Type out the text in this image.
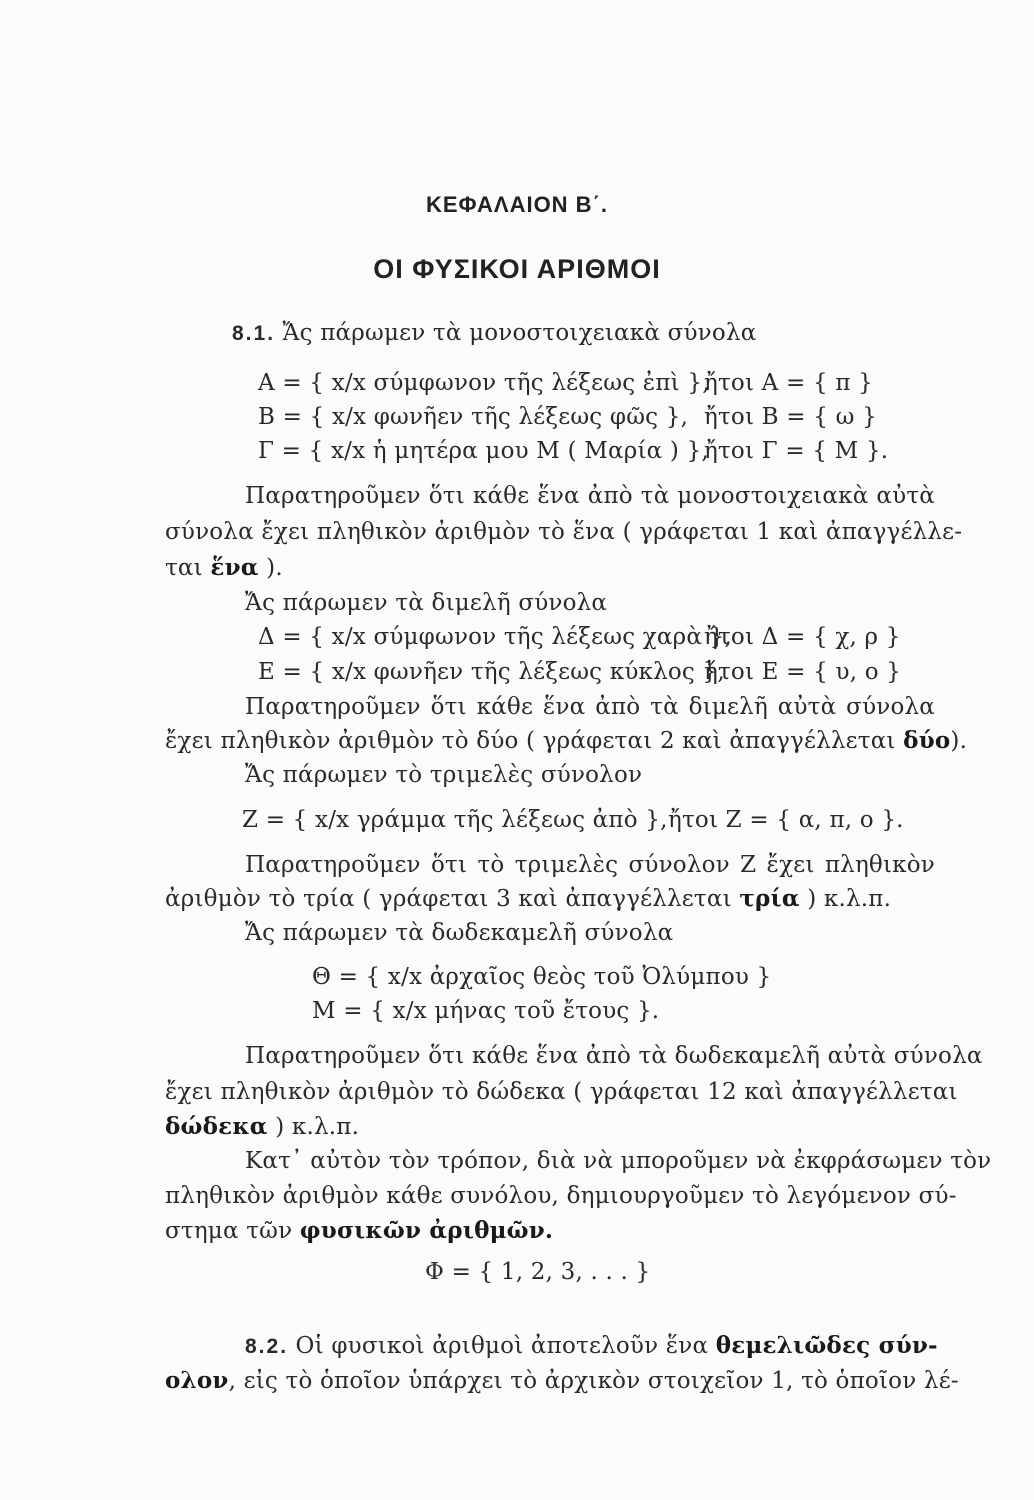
ΚΕΦΑΛΑΙΟΝ Β΄.
ΟΙ ΦΥΣΙΚΟΙ ΑΡΙΘΜΟΙ
8.1. Ἄς πάρωμεν τὰ μονοστοιχειακὰ σύνολα
Α = { x/x σύμφωνον τῆς λέξεως ἐπὶ },
ἤτοι Α = { π }
Β = { x/x φωνῆεν τῆς λέξεως φῶς }, ἤτοι Β = { ω }
Γ = { x/x ἡ μητέρα μου Μ ( Μαρία ) },
ἤτοι Γ = { Μ }.
Παρατηροῦμεν ὅτι κάθε ἕνα ἀπὸ τὰ μονοστοιχειακὰ αὐτὰ
σύνολα ἔχει πληθικὸν ἀριθμὸν τὸ ἕνα ( γράφεται 1 καὶ ἀπαγγέλλε-
ται ἕνα ).
Ἄς πάρωμεν τὰ διμελῆ σύνολα
Δ = { x/x σύμφωνον τῆς λέξεως χαρὰ },
ἤτοι Δ = { χ, ρ }
Ε = { x/x φωνῆεν τῆς λέξεως κύκλος },
ἤτοι Ε = { υ, ο }
Παρατηροῦμεν ὅτι κάθε ἕνα ἀπὸ τὰ διμελῆ αὐτὰ σύνολα
ἔχει πληθικὸν ἀριθμὸν τὸ δύο ( γράφεται 2 καὶ ἀπαγγέλλεται δύο).
Ἄς πάρωμεν τὸ τριμελὲς σύνολον
Ζ = { x/x γράμμα τῆς λέξεως ἀπὸ }, ἤτοι Ζ = { α, π, ο }.
Παρατηροῦμεν ὅτι τὸ τριμελὲς σύνολον Ζ ἔχει πληθικὸν
ἀριθμὸν τὸ τρία ( γράφεται 3 καὶ ἀπαγγέλλεται τρία ) κ.λ.π.
Ἄς πάρωμεν τὰ δωδεκαμελῆ σύνολα
Θ = { x/x ἀρχαῖος θεὸς τοῦ Ὀλύμπου }
Μ = { x/x μήνας τοῦ ἔτους }.
Παρατηροῦμεν ὅτι κάθε ἕνα ἀπὸ τὰ δωδεκαμελῆ αὐτὰ σύνολα
ἔχει πληθικὸν ἀριθμὸν τὸ δώδεκα ( γράφεται 12 καὶ ἀπαγγέλλεται
δώδεκα ) κ.λ.π.
Κατ᾽ αὐτὸν τὸν τρόπον, διὰ νὰ μποροῦμεν νὰ ἐκφράσωμεν τὸν
πληθικὸν ἀριθμὸν κάθε συνόλου, δημιουργοῦμεν τὸ λεγόμενον σύ-
στημα τῶν φυσικῶν ἀριθμῶν.
Φ = { 1, 2, 3, . . . }
8.2. Οἱ φυσικοὶ ἀριθμοὶ ἀποτελοῦν ἕνα θεμελιῶδες σύν-
ολον, εἰς τὸ ὁποῖον ὑπάρχει τὸ ἀρχικὸν στοιχεῖον 1, τὸ ὁποῖον λέ-
